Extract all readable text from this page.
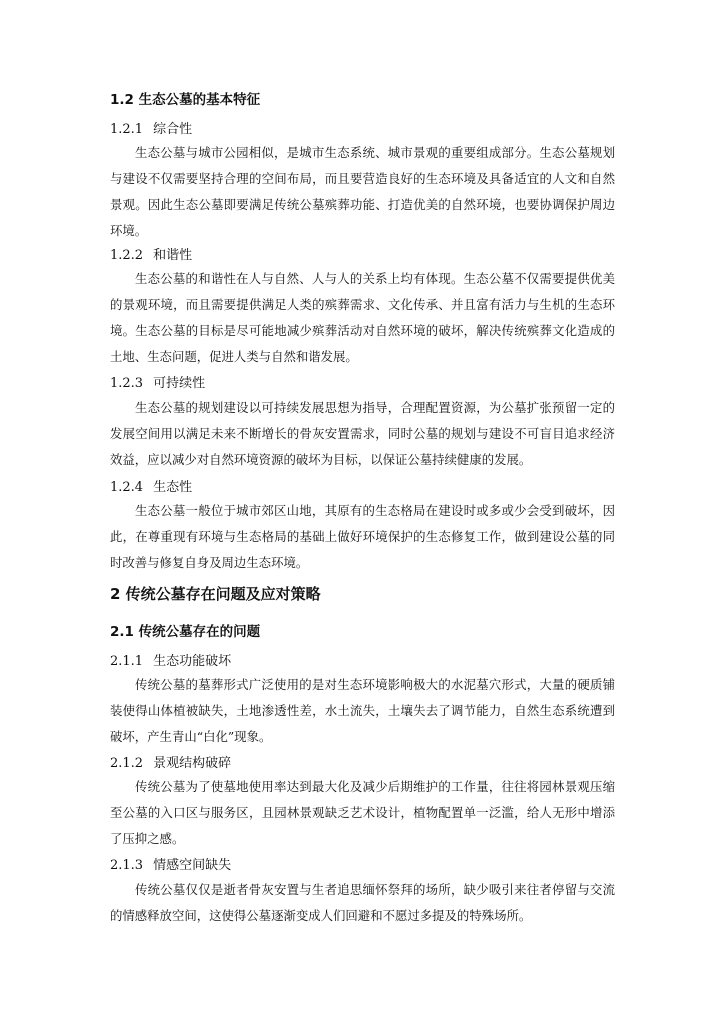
1.2 生态公墓的基本特征
1.2.1 综合性
生态公墓与城市公园相似，是城市生态系统、城市景观的重要组成部分。生态公墓规划
与建设不仅需要坚持合理的空间布局，而且要营造良好的生态环境及具备适宜的人文和自然
景观。因此生态公墓即要满足传统公墓殡葬功能、打造优美的自然环境，也要协调保护周边
环境。
1.2.2 和谐性
生态公墓的和谐性在人与自然、人与人的关系上均有体现。生态公墓不仅需要提供优美
的景观环境，而且需要提供满足人类的殡葬需求、文化传承、并且富有活力与生机的生态环
境。生态公墓的目标是尽可能地减少殡葬活动对自然环境的破坏，解决传统殡葬文化造成的
土地、生态问题，促进人类与自然和谐发展。
1.2.3 可持续性
生态公墓的规划建设以可持续发展思想为指导，合理配置资源，为公墓扩张预留一定的
发展空间用以满足未来不断增长的骨灰安置需求，同时公墓的规划与建设不可盲目追求经济
效益，应以减少对自然环境资源的破坏为目标，以保证公墓持续健康的发展。
1.2.4 生态性
生态公墓一般位于城市郊区山地，其原有的生态格局在建设时或多或少会受到破坏，因
此，在尊重现有环境与生态格局的基础上做好环境保护的生态修复工作，做到建设公墓的同
时改善与修复自身及周边生态环境。
2 传统公墓存在问题及应对策略
2.1 传统公墓存在的问题
2.1.1 生态功能破坏
传统公墓的墓葬形式广泛使用的是对生态环境影响极大的水泥墓穴形式，大量的硬质铺
装使得山体植被缺失，土地渗透性差，水土流失，土壤失去了调节能力，自然生态系统遭到
破坏，产生青山“白化”现象。
2.1.2 景观结构破碎
传统公墓为了使墓地使用率达到最大化及减少后期维护的工作量，往往将园林景观压缩
至公墓的入口区与服务区，且园林景观缺乏艺术设计，植物配置单一泛滥，给人无形中增添
了压抑之感。
2.1.3 情感空间缺失
传统公墓仅仅是逝者骨灰安置与生者追思缅怀祭拜的场所，缺少吸引来往者停留与交流
的情感释放空间，这使得公墓逐渐变成人们回避和不愿过多提及的特殊场所。
